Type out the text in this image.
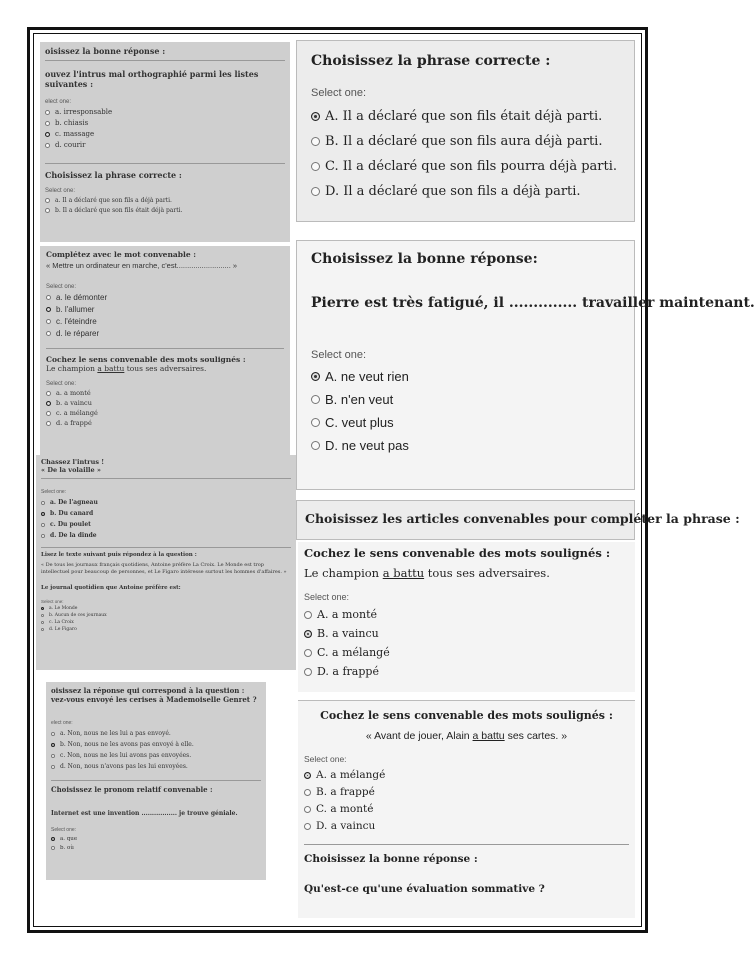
oisissez la bonne réponse :
ouvez l'intrus mal orthographié parmi les listes suivantes :
elect one:
a. irresponsable
b. chiasis
c. massage
d. courir
Choisissez la phrase correcte :
Select one:
a. Il a déclaré que son fils a déjà parti.
b. Il a déclaré que son fils était déjà parti.
Choisissez la phrase correcte :
Select one:
A. Il a déclaré que son fils était déjà parti.
B. Il a déclaré que son fils aura déjà parti.
C. Il a déclaré que son fils pourra déjà parti.
D. Il a déclaré que son fils a déjà parti.
Complétez avec le mot convenable :
« Mettre un ordinateur en marche, c'est.......................... »
Select one:
a. le démonter
b. l'allumer
c. l'éteindre
d. le réparer
Cochez le sens convenable des mots soulignés :
Le champion a battu tous ses adversaires.
Select one:
a. a monté
b. a vaincu
c. a mélangé
d. a frappé
Choisissez la bonne réponse:
Pierre est très fatigué, il .............. travailler maintenant.
Select one:
A. ne veut rien
B. n'en veut
C. veut plus
D. ne veut pas
Chassez l'intrus !
« De la volaille »
Select one:
a. De l'agneau
b. Du canard
c. Du poulet
d. De la dinde
Lisez le texte suivant puis répondez à la question :
« De tous les journaux français quotidiens, Antoine préfère La Croix. Le Monde est trop intellectuel pour beaucoup de personnes, et Le Figaro intéresse surtout les hommes d'affaires. »
Le journal quotidien que Antoine préfère est:
Select one:
a. Le Monde
b. Aucun de ces journaux
c. La Croix
d. Le Figaro
Choisissez les articles convenables pour compléter la phrase :
Cochez le sens convenable des mots soulignés :
Le champion a battu tous ses adversaires.
Select one:
A. a monté
B. a vaincu
C. a mélangé
D. a frappé
oisissez la réponse qui correspond à la question :
vez-vous envoyé les cerises à Mademoiselle Genret ?
elect one:
a. Non, nous ne les lui a pas envoyé.
b. Non, nous ne les avons pas envoyé à elle.
c. Non, nous ne les lui avons pas envoyées.
d. Non, nous n'avons pas les lui envoyées.
Choisissez le pronom relatif convenable :
Internet est une invention ................. je trouve géniale.
Select one:
a. que
b. où
Cochez le sens convenable des mots soulignés :
« Avant de jouer, Alain a battu ses cartes. »
Select one:
A. a mélangé
B. a frappé
C. a monté
D. a vaincu
Choisissez la bonne réponse :
Qu'est-ce qu'une évaluation sommative ?
